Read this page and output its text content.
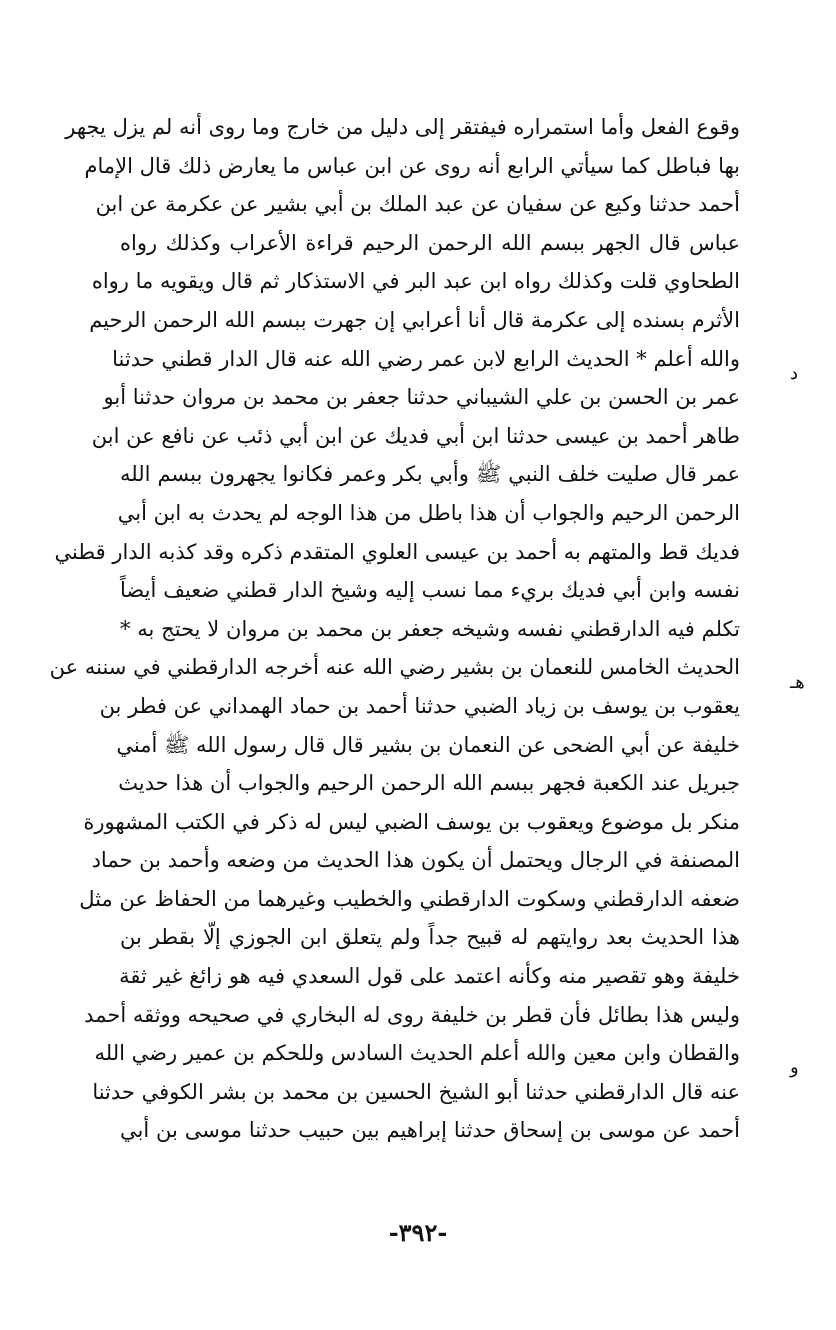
وقوع الفعل وأما استمراره فيفتقر إلى دليل من خارج وما روى أنه لم يزل يجهر
بها فباطل كما سيأتي الرابع أنه روى عن ابن عباس ما يعارض ذلك قال الإمام
أحمد حدثنا وكيع عن سفيان عن عبد الملك بن أبي بشير عن عكرمة عن ابن
عباس قال الجهر ببسم الله الرحمن الرحيم قراءة الأعراب وكذلك رواه
الطحاوي قلت وكذلك رواه ابن عبد البر في الاستذكار ثم قال ويقويه ما رواه
الأثرم بسنده إلى عكرمة قال أنا أعرابي إن جهرت ببسم الله الرحمن الرحيم
والله أعلم * الحديث الرابع لابن عمر رضي الله عنه قال الدار قطني حدثنا
عمر بن الحسن بن علي الشيباني حدثنا جعفر بن محمد بن مروان حدثنا أبو
طاهر أحمد بن عيسى حدثنا ابن أبي فديك عن ابن أبي ذئب عن نافع عن ابن
عمر قال صليت خلف النبي ﷺ وأبي بكر وعمر فكانوا يجهرون ببسم الله
الرحمن الرحيم والجواب أن هذا باطل من هذا الوجه لم يحدث به ابن أبي
فديك قط والمتهم به أحمد بن عيسى العلوي المتقدم ذكره وقد كذبه الدار قطني
نفسه وابن أبي فديك بريء مما نسب إليه وشيخ الدار قطني ضعيف أيضاً
تكلم فيه الدارقطني نفسه وشيخه جعفر بن محمد بن مروان لا يحتج به *
الحديث الخامس للنعمان بن بشير رضي الله عنه أخرجه الدارقطني في سننه عن
يعقوب بن يوسف بن زياد الضبي حدثنا أحمد بن حماد الهمداني عن فطر بن
خليفة عن أبي الضحى عن النعمان بن بشير قال قال رسول الله ﷺ أمني
جبريل عند الكعبة فجهر ببسم الله الرحمن الرحيم والجواب أن هذا حديث
منكر بل موضوع ويعقوب بن يوسف الضبي ليس له ذكر في الكتب المشهورة
المصنفة في الرجال ويحتمل أن يكون هذا الحديث من وضعه وأحمد بن حماد
ضعفه الدارقطني وسكوت الدارقطني والخطيب وغيرهما من الحفاظ عن مثل
هذا الحديث بعد روايتهم له قبيح جداً ولم يتعلق ابن الجوزي إلّا بقطر بن
خليفة وهو تقصير منه وكأنه اعتمد على قول السعدي فيه هو زائغ غير ثقة
وليس هذا بطائل فأن قطر بن خليفة روى له البخاري في صحيحه ووثقه أحمد
والقطان وابن معين والله أعلم الحديث السادس وللحكم بن عمير رضي الله
عنه قال الدارقطني حدثنا أبو الشيخ الحسين بن محمد بن بشر الكوفي حدثنا
أحمد عن موسى بن إسحاق حدثنا إبراهيم بين حبيب حدثنا موسى بن أبي
د
هـ
و
-٣٩٢-
